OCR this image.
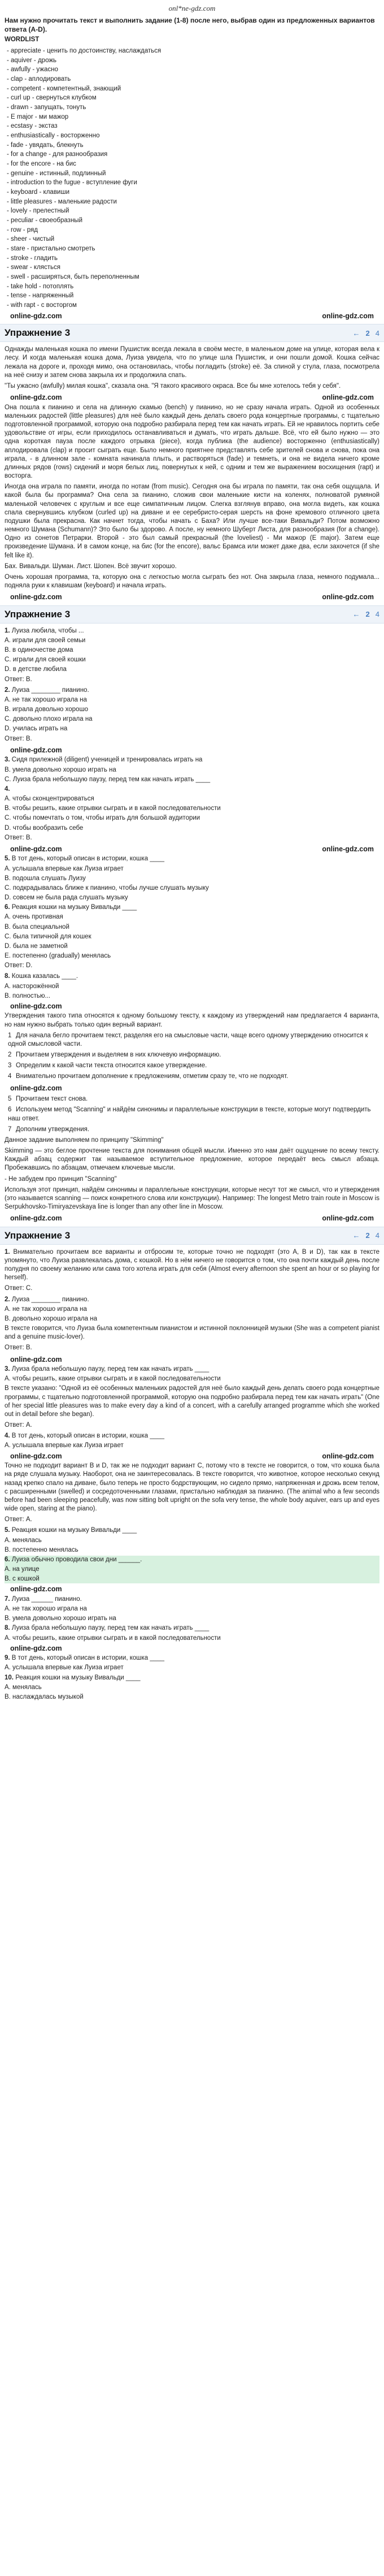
onl*ne-gdz.com
Нам нужно прочитать текст и выполнить задание (1-8) после него, выбрав один из предложенных вариантов ответа (A-D).
WORDLIST
- appreciate - ценить по достоинству, наслаждаться
- aquiver - дрожь
- awfully - ужасно
- clap - аплодировать
- competent - компетентный, знающий
- curl up - свернуться клубком
- drawn - запущать, тонуть
- E major - ми мажор
- ecstasy - экстаз
- enthusiastically - восторженно
- fade - увядать, блекнуть
- for a change - для разнообразия
- for the encore - на бис
- genuine - истинный, подлинный
- introduction to the fugue - вступление фуги
- keyboard - клавиши
- little pleasures - маленькие радости
- lovely - прелестный
- peculiar - своеобразный
- row - ряд
- sheer - чистый
- stare - пристально смотреть
- stroke - гладить
- swear - клясться
- swell - расширяться, быть переполненным
- take hold - потоплять
- tense - напряженный
- with rapt - с восторгом
online-gdz.com	online-gdz.com
Упражнение 3	← 2 4

Однажды маленькая кошка по имени Пушистик всегда лежала в своём месте, в маленьком доме на улице, которая вела к лесу. И когда маленькая кошка дома, Луиза увидела, что по улице шла Пушистик, и они пошли домой. Кошка сейчас лежала на дороге и, проходя мимо, она остановилась, чтобы погладить (stroke) её. За спиной у стула, глаза, посмотрела на неё снизу и затем снова закрыла их и продолжила спать.

"Ты ужасно (awfully) милая кошка", сказала она. "Я такого красивого окраса. Все бы мне хотелось тебя у себя".

online-gdz.com	online-gdz.com

Она пошла к пианино и села на длинную скамью (bench) у пианино, но не сразу начала играть. Одной из особенных маленьких радостей (little pleasures) для неё было каждый день делать своего рода концертные программы, с тщательно подготовленной программой, которую она подробно разбирала перед тем как начать играть. Ей не нравилось портить себе удовольствие от игры, если приходилось останавливаться и думать, что играть дальше. Всё, что ей было нужно — это одна короткая пауза после каждого отрывка (piece), когда публика (the audience) восторженно (enthusiastically) аплодировала (clap) и просит сыграть еще. Было немного приятнее представлять себе зрителей снова и снова, пока она играла, - в длинном зале - комната начинала плыть, и растворяться (fade) и темнеть, и она не видела ничего кроме длинных рядов (rows) сидений и моря белых лиц, повернутых к ней, с одним и тем же выражением восхищения (rapt) и восторга.

Иногда она играла по памяти, иногда по нотам (from music). Сегодня она бы играла по памяти, так она себя ощущала. И какой была бы программа? Она села за пианино, сложив свои маленькие кисти на коленях, полноватой румяной маленькой человечек с круглым и все еще симпатичным лицом. Слегка взглянув вправо, она могла видеть, как кошка спала свернувшись клубком (curled up) на диване и ее серебристо-серая шерсть на фоне кремового отличного цвета подушки была прекрасна. Как начнет тогда, чтобы начать с Баха? Или лучше все-таки Вивальди? Потом возможно немного Шумана (Schumann)? Это было бы здорово. А после, ну немного Шуберт Листа, для разнообразия (for a change). Одно из сонетов Петрарки. Второй - это был самый прекрасный (the loveliest) - Ми мажор (E major). Затем еще произведение Шумана. И в самом конце, на бис (for the encore), вальс Брамса или может даже два, если захочется (if she felt like it).

Бах. Вивальди. Шуман. Лист. Шопен. Всё звучит хорошо.

Очень хорошая программа, та, которую она с легкостью могла сыграть без нот. Она закрыла глаза, немного подумала... подняла руки к клавишам (keyboard) и начала играть.

online-gdz.com	online-gdz.com
Упражнение 3	← 2 4
1. Луиза любила, чтобы ...
A. играли для своей семьи
B. в одиночестве дома
C. играли для своей кошки
D. в детстве любила
Ответ: B.
2. Луиза ________ пианино.
A. не так хорошо играла на
B. играла довольно хорошо
C. довольно плохо играла на
D. училась играть на
Ответ: B.
online-gdz.com
3. Сидя прилежной (diligent) ученицей и тренировалась играть на
B. умела довольно хорошо играть на
C. Луиза брала небольшую паузу, перед тем как начать играть ____
4.
A. чтобы сконцентрироваться
B. чтобы решить, какие отрывки сыграть и в какой последовательности
C. чтобы помечтать о том, чтобы играть для большой аудитории
D. чтобы вообразить себе
Ответ: B.
online-gdz.com	online-gdz.com
5. В тот день, который описан в истории, кошка ____
A. услышала впервые как Луиза играет
B. подошла слушать Луизу
C. подкрадывалась ближе к пианино, чтобы лучше слушать музыку
D. совсем не была рада слушать музыку
6. Реакция кошки на музыку Вивальди ____
A. очень противная
B. была специальной
C. была типичной для кошек
D. была не заметной
E. постепенно (gradually) менялась
Ответ: D.
8. Кошка казалась ____.
A. насторожённой
B. полностью...
online-gdz.com

Утверждения такого типа относятся к одному большому тексту, к каждому из утверждений нам предлагается 4 варианта, но нам нужно выбрать только один верный вариант.

1 Для начала бегло прочитаем текст, разделяя его на смысловые части, чаще всего одному утверждению относится к одной смысловой части.
2 Прочитаем утверждения и выделяем в них ключевую информацию.
3 Определим к какой части текста относится какое утверждение.
4 Внимательно прочитаем дополнение к предложениям, отметим сразу те, что не подходят.
online-gdz.com
5 Прочитаем текст снова.
6 Используем метод "Scanning" и найдём синонимы и параллельные конструкции в тексте, которые могут подтвердить наш ответ.
7 Дополним утверждения.

Данное задание выполняем по принципу "Skimming"

Skimming — это беглое прочтение текста для понимания общей мысли. Именно это нам даёт ощущение по всему тексту. Каждый абзац содержит так называемое вступительное предложение, которое передаёт весь смысл абзаца. Пробежавшись по абзацам, отмечаем ключевые мысли.

- Не забудем про принцип "Scanning"

Используя этот принцип, найдём синонимы и параллельные конструкции, которые несут тот же смысл, что и утверждения (это называется scanning — поиск конкретного слова или конструкции). Например: The longest Metro train route in Moscow is Serpukhovsko-Timiryazevskaya line is longer than any other line in Moscow.

online-gdz.com	online-gdz.com
Упражнение 3	← 2 4

1. Внимательно прочитаем все варианты и отбросим те, которые точно не подходят (это A, B и D), так как в тексте упомянуто, что Луиза развлекалась дома, с кошкой. Но в нём ничего не говорится о том, что она почти каждый день после полудня по своему желанию или сама того хотела играть для себя (Almost every afternoon she spent an hour or so playing for herself).

Ответ: C.
2. Луиза ________ пианино.
A. не так хорошо играла на
B. довольно хорошо играла на

В тексте говорится, что Луиза была компетентным пианистом и истинной поклонницей музыки (She was a competent pianist and a genuine music-lover).

Ответ: B.
online-gdz.com
3. Луиза брала небольшую паузу, перед тем как начать играть ____
A. чтобы решить, какие отрывки сыграть и в какой последовательности

В тексте указано: "Одной из её особенных маленьких радостей для неё было каждый день делать своего рода концертные программы, с тщательно подготовленной программой, которую она подробно разбирала перед тем как начать играть" (One of her special little pleasures was to make every day a kind of a concert, with a carefully arranged programme which she worked out in detail before she began).

Ответ: A.
4. В тот день, который описан в истории, кошка ____
A. услышала впервые как Луиза играет
online-gdz.com	online-gdz.com

Точно не подходит вариант B и D, так же не подходит вариант C, потому что в тексте не говорится, о том, что кошка была на ряде слушала музыку. Наоборот, она не заинтересовалась. В тексте говорится, что животное, которое несколько секунд назад крепко спало на диване, было теперь не просто бодрствующим, но сидело прямо, напряженная и дрожь всем телом, с расширенными (swelled) и сосредоточенными глазами, пристально наблюдая за пианино. (The animal who a few seconds before had been sleeping peacefully, was now sitting bolt upright on the sofa very tense, the whole body aquiver, ears up and eyes wide open, staring at the piano).

Ответ: A.
5. Реакция кошки на музыку Вивальди ____
A. менялась
B. постепенно менялась
6. Луиза обычно проводила свои дни ______.
A. на улице
B. с кошкой
online-gdz.com
7. Луиза ______ пианино.
A. не так хорошо играла на
B. умела довольно хорошо играть на
8. Луиза брала небольшую паузу, перед тем как начать играть ____
A. чтобы решить, какие отрывки сыграть и в какой последовательности
online-gdz.com
9. В тот день, который описан в истории, кошка ____
A. услышала впервые как Луиза играет
10. Реакция кошки на музыку Вивальди ____
A. менялась
B. наслаждалась музыкой
